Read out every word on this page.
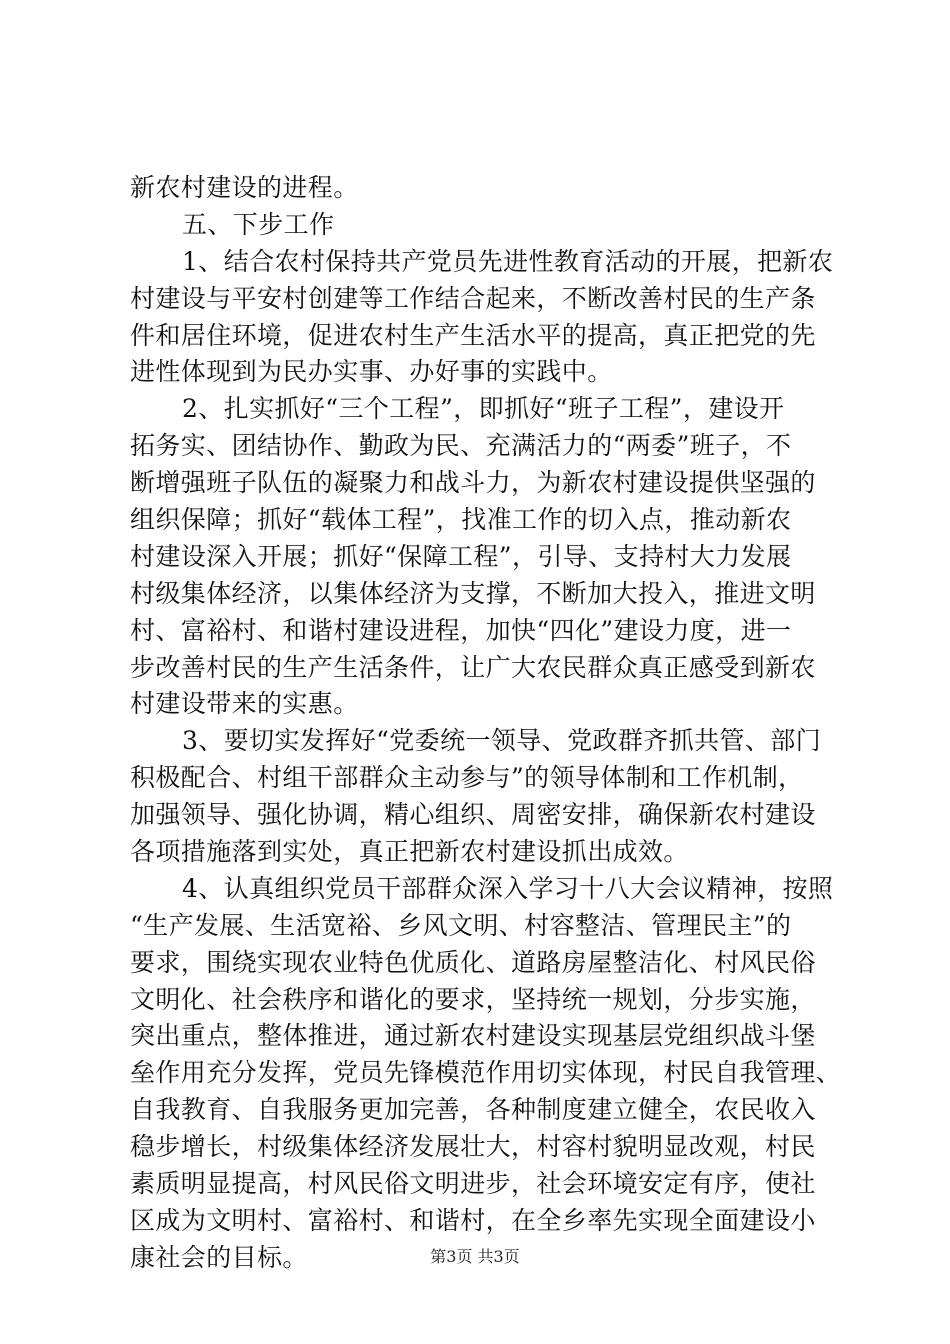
新农村建设的进程。
五、下步工作
1、结合农村保持共产党员先进性教育活动的开展，把新农
村建设与平安村创建等工作结合起来，不断改善村民的生产条
件和居住环境，促进农村生产生活水平的提高，真正把党的先
进性体现到为民办实事、办好事的实践中。
2、扎实抓好“三个工程”，即抓好“班子工程”，建设开
拓务实、团结协作、勤政为民、充满活力的“两委”班子，不
断增强班子队伍的凝聚力和战斗力，为新农村建设提供坚强的
组织保障；抓好“载体工程”，找准工作的切入点，推动新农
村建设深入开展；抓好“保障工程”，引导、支持村大力发展
村级集体经济，以集体经济为支撑，不断加大投入，推进文明
村、富裕村、和谐村建设进程，加快“四化”建设力度，进一
步改善村民的生产生活条件，让广大农民群众真正感受到新农
村建设带来的实惠。
3、要切实发挥好“党委统一领导、党政群齐抓共管、部门
积极配合、村组干部群众主动参与”的领导体制和工作机制，
加强领导、强化协调，精心组织、周密安排，确保新农村建设
各项措施落到实处，真正把新农村建设抓出成效。
4、认真组织党员干部群众深入学习十八大会议精神，按照
“生产发展、生活宽裕、乡风文明、村容整洁、管理民主”的
要求，围绕实现农业特色优质化、道路房屋整洁化、村风民俗
文明化、社会秩序和谐化的要求，坚持统一规划，分步实施，
突出重点，整体推进，通过新农村建设实现基层党组织战斗堡
垒作用充分发挥，党员先锋模范作用切实体现，村民自我管理、
自我教育、自我服务更加完善，各种制度建立健全，农民收入
稳步增长，村级集体经济发展壮大，村容村貌明显改观，村民
素质明显提高，村风民俗文明进步，社会环境安定有序，使社
区成为文明村、富裕村、和谐村，在全乡率先实现全面建设小
康社会的目标。	第3页 共3页
